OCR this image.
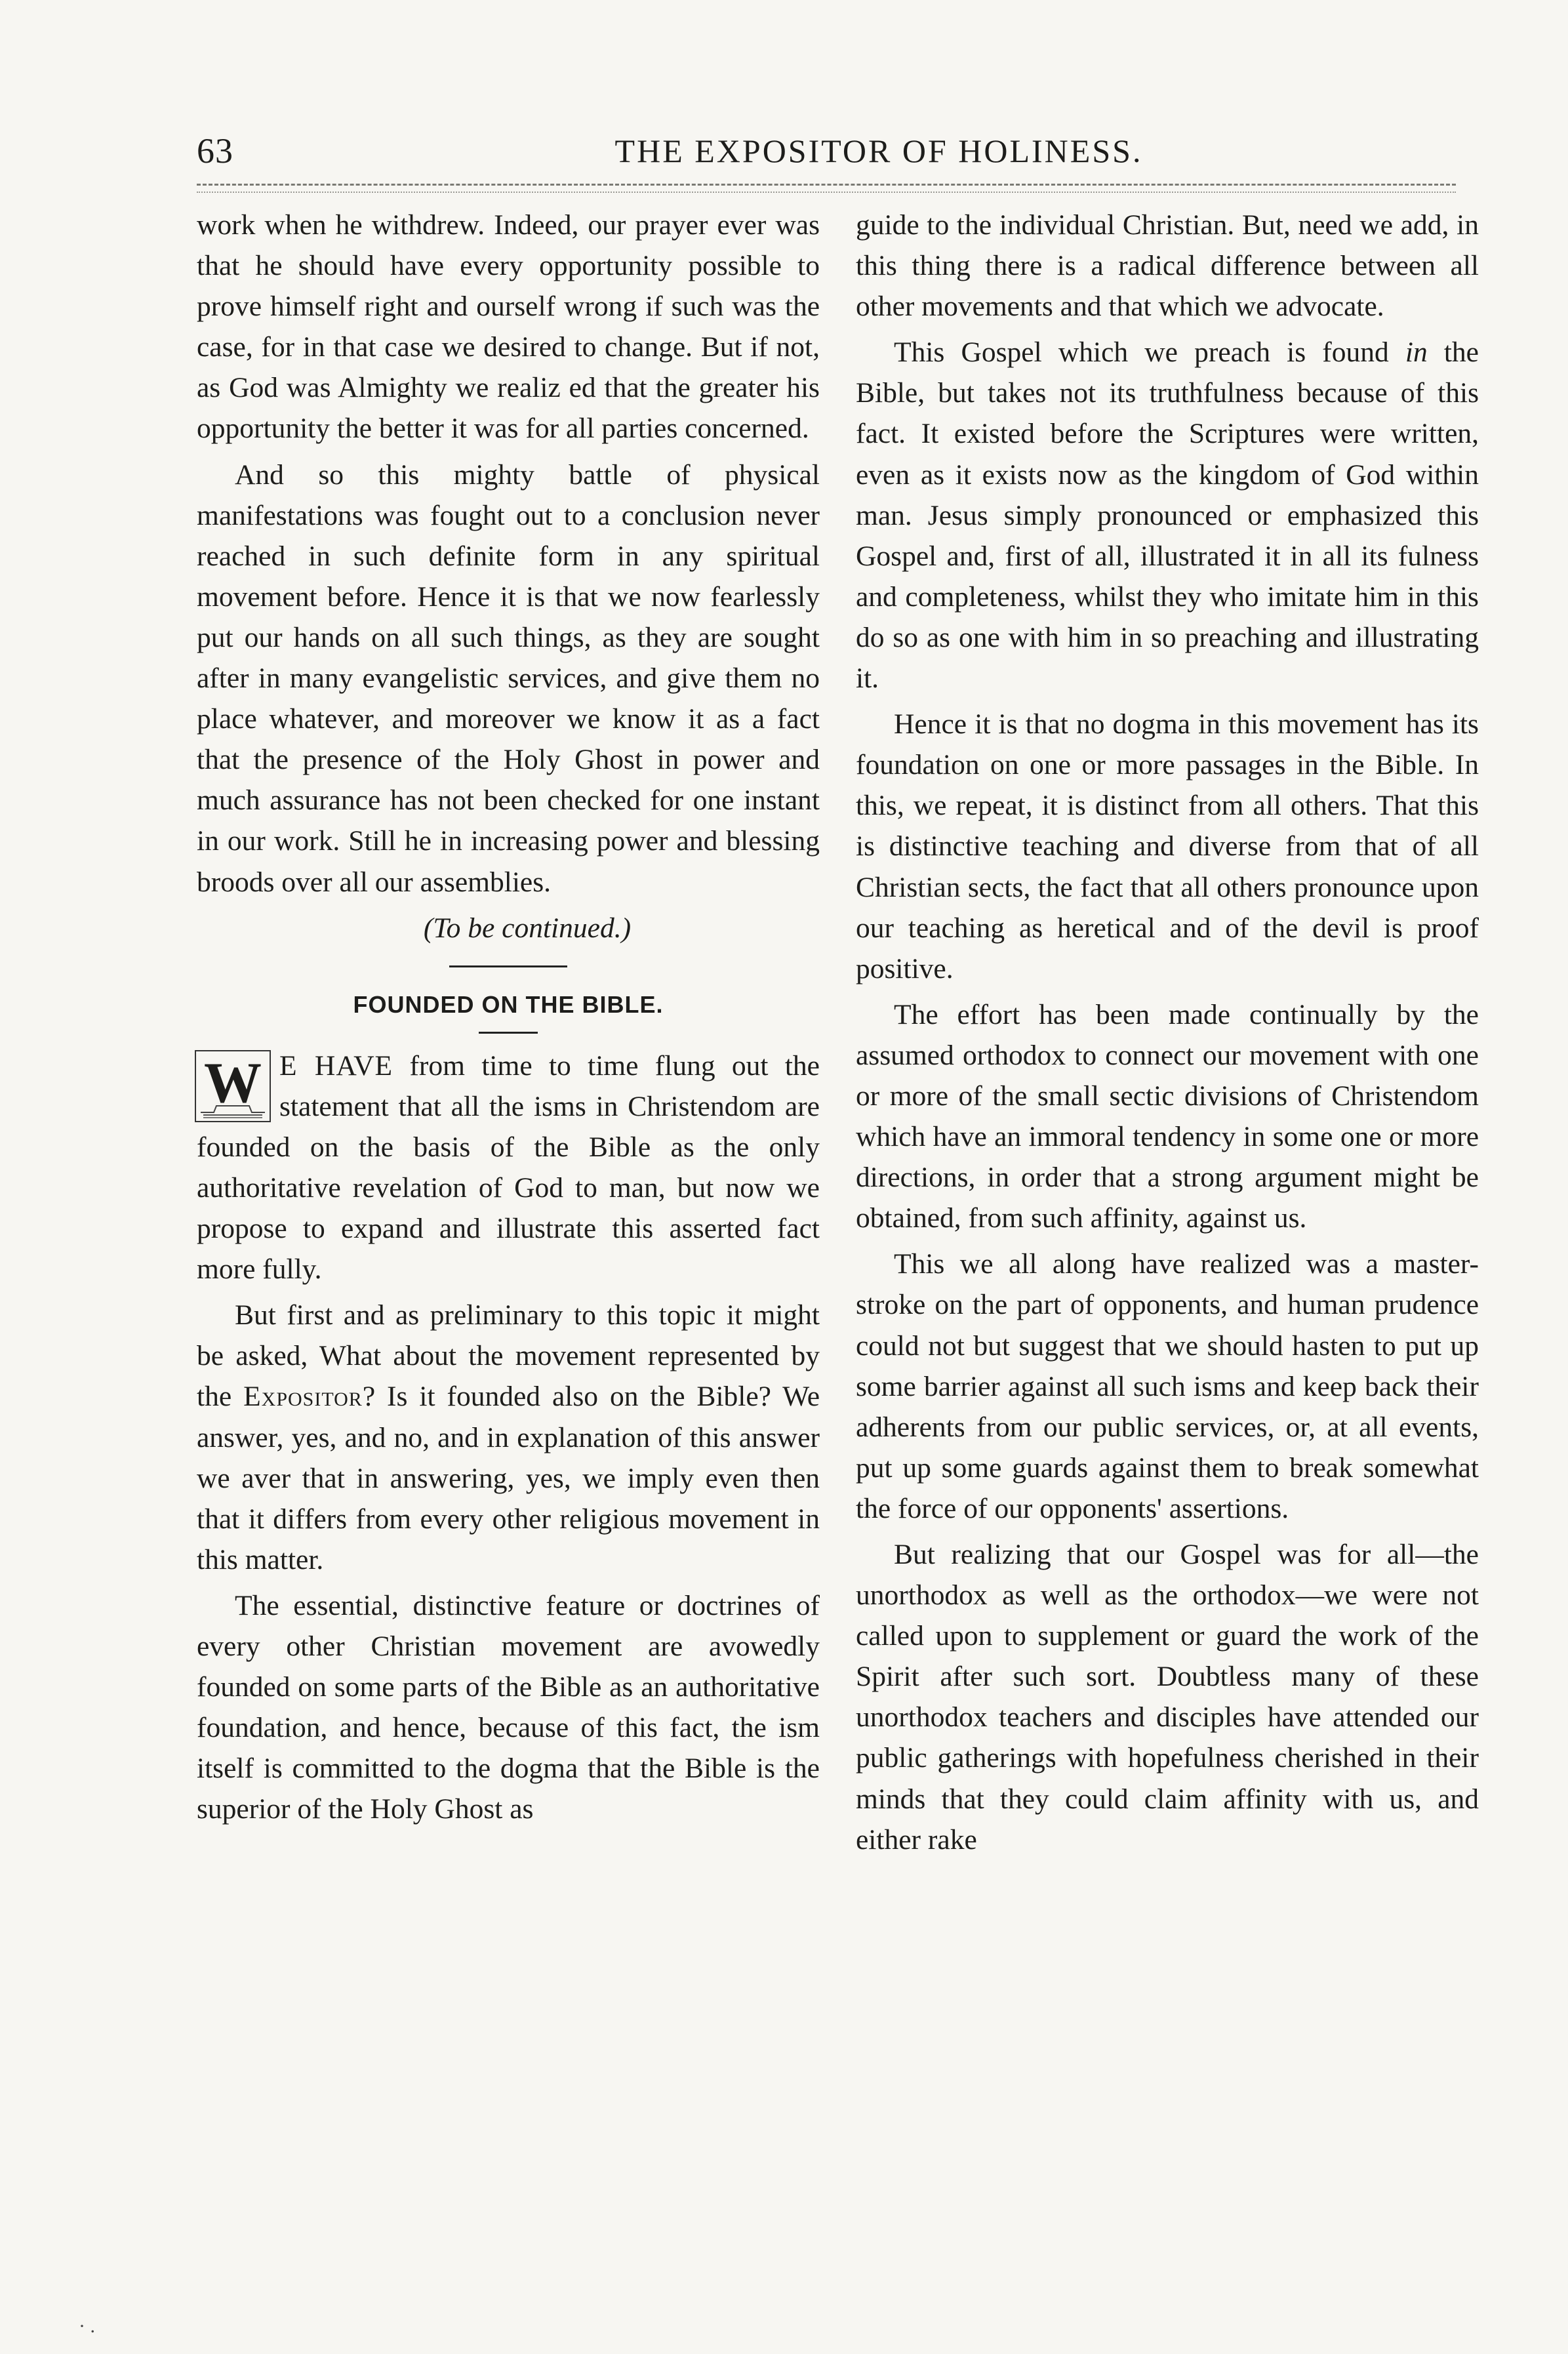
63	THE EXPOSITOR OF HOLINESS.

work when he withdrew. Indeed, our prayer ever was that he should have every opportunity possible to prove himself right and ourself wrong if such was the case, for in that case we desired to change. But if not, as God was Almighty we realiz ed that the greater his opportunity the better it was for all parties concerned.

And so this mighty battle of physical manifestations was fought out to a conclusion never reached in such definite form in any spiritual movement before. Hence it is that we now fearlessly put our hands on all such things, as they are sought after in many evangelistic services, and give them no place whatever, and moreover we know it as a fact that the presence of the Holy Ghost in power and much assurance has not been checked for one instant in our work. Still he in increasing power and blessing broods over all our assemblies.

(To be continued.)

FOUNDED ON THE BIBLE.

W E HAVE from time to time flung out the statement that all the isms in Christendom are founded on the basis of the Bible as the only authoritative revelation of God to man, but now we propose to expand and illustrate this asserted fact more fully.

But first and as preliminary to this topic it might be asked, What about the movement represented by the Expositor? Is it founded also on the Bible? We answer, yes, and no, and in explanation of this answer we aver that in answering, yes, we imply even then that it differs from every other religious movement in this matter.

The essential, distinctive feature or doctrines of every other Christian movement are avowedly founded on some parts of the Bible as an authoritative foundation, and hence, because of this fact, the ism itself is committed to the dogma that the Bible is the superior of the Holy Ghost as

guide to the individual Christian. But, need we add, in this thing there is a radical difference between all other movements and that which we advocate.

This Gospel which we preach is found in the Bible, but takes not its truthfulness because of this fact. It existed before the Scriptures were written, even as it exists now as the kingdom of God within man. Jesus simply pronounced or emphasized this Gospel and, first of all, illustrated it in all its fulness and completeness, whilst they who imitate him in this do so as one with him in so preaching and illustrating it.

Hence it is that no dogma in this movement has its foundation on one or more passages in the Bible. In this, we repeat, it is distinct from all others. That this is distinctive teaching and diverse from that of all Christian sects, the fact that all others pronounce upon our teaching as heretical and of the devil is proof positive.

The effort has been made continually by the assumed orthodox to connect our movement with one or more of the small sectic divisions of Christendom which have an immoral tendency in some one or more directions, in order that a strong argument might be obtained, from such affinity, against us.

This we all along have realized was a master-stroke on the part of opponents, and human prudence could not but suggest that we should hasten to put up some barrier against all such isms and keep back their adherents from our public services, or, at all events, put up some guards against them to break somewhat the force of our opponents' assertions.

But realizing that our Gospel was for all—the unorthodox as well as the orthodox—we were not called upon to supplement or guard the work of the Spirit after such sort. Doubtless many of these unorthodox teachers and disciples have attended our public gatherings with hopefulness cherished in their minds that they could claim affinity with us, and either rake

· .
